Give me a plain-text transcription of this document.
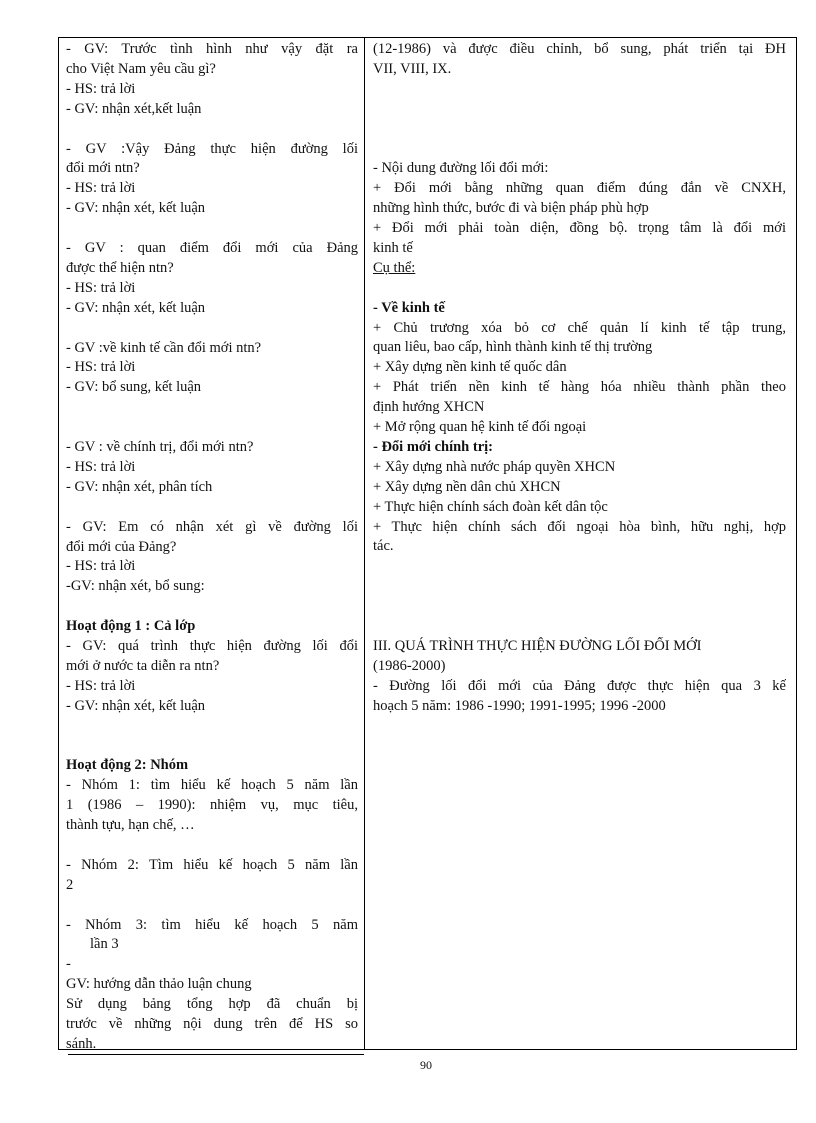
- GV: Trước tình hình như vậy đặt ra
cho Việt Nam yêu cầu gì?
- HS: trả lời
- GV: nhận xét,kết luận
- GV :Vậy Đảng thực hiện đường lối
đổi mới ntn?
- HS: trả lời
- GV: nhận xét, kết luận
- GV : quan điểm đổi mới của Đảng
được thể hiện ntn?
- HS: trả lời
- GV: nhận xét, kết luận
- GV :về kinh tế cần đổi mới ntn?
- HS: trả lời
- GV: bổ sung, kết luận
- GV : về chính trị, đổi mới ntn?
- HS: trả lời
- GV: nhận xét, phân tích
- GV: Em có nhận xét gì về đường lối
đổi mới của Đảng?
- HS: trả lời
-GV: nhận xét, bổ sung:
Hoạt động 1 : Cả lớp
- GV: quá trình thực hiện đường lối đổi
mới ở nước ta diễn ra ntn?
- HS: trả lời
- GV: nhận xét, kết luận
Hoạt động 2: Nhóm
- Nhóm 1: tìm hiểu kế hoạch 5 năm lần
1 (1986 – 1990): nhiệm vụ, mục tiêu,
thành tựu, hạn chế, …
- Nhóm 2: Tìm hiểu kế hoạch 5 năm lần
2
- Nhóm 3: tìm hiểu kế hoạch 5 năm
lần 3
-
GV: hướng dẫn thảo luận chung
Sử dụng bảng tổng hợp đã chuẩn bị
trước về những nội dung trên để HS so
sánh.
(12-1986) và được điều chỉnh, bổ sung, phát triển tại ĐH
VII, VIII, IX.
- Nội dung đường lối đổi mới:
+ Đổi mới bằng những quan điểm đúng đắn về CNXH,
những hình thức, bước đi và biện pháp phù hợp
+ Đổi mới phải toàn diện, đồng bộ. trọng tâm là đổi mới
kinh tế
Cụ thể:
- Về kinh tế
+ Chủ trương xóa bỏ cơ chế quản lí kinh tế tập trung,
quan liêu, bao cấp, hình thành kinh tế thị trường
+ Xây dựng nền kinh tế quốc dân
+ Phát triển nền kinh tế hàng hóa nhiều thành phần theo
định hướng XHCN
+ Mở rộng quan hệ kinh tế đối ngoại
- Đổi mới chính trị:
+ Xây dựng nhà nước pháp quyền XHCN
+ Xây dựng nền dân chủ XHCN
+ Thực hiện chính sách đoàn kết dân tộc
+ Thực hiện chính sách đối ngoại hòa bình, hữu nghị, hợp
tác.
III. QUÁ TRÌNH THỰC HIỆN ĐƯỜNG LỐI ĐỔI MỚI
(1986-2000)
- Đường lối đổi mới của Đảng được thực hiện qua 3 kế
hoạch 5 năm: 1986 -1990; 1991-1995; 1996 -2000
90
